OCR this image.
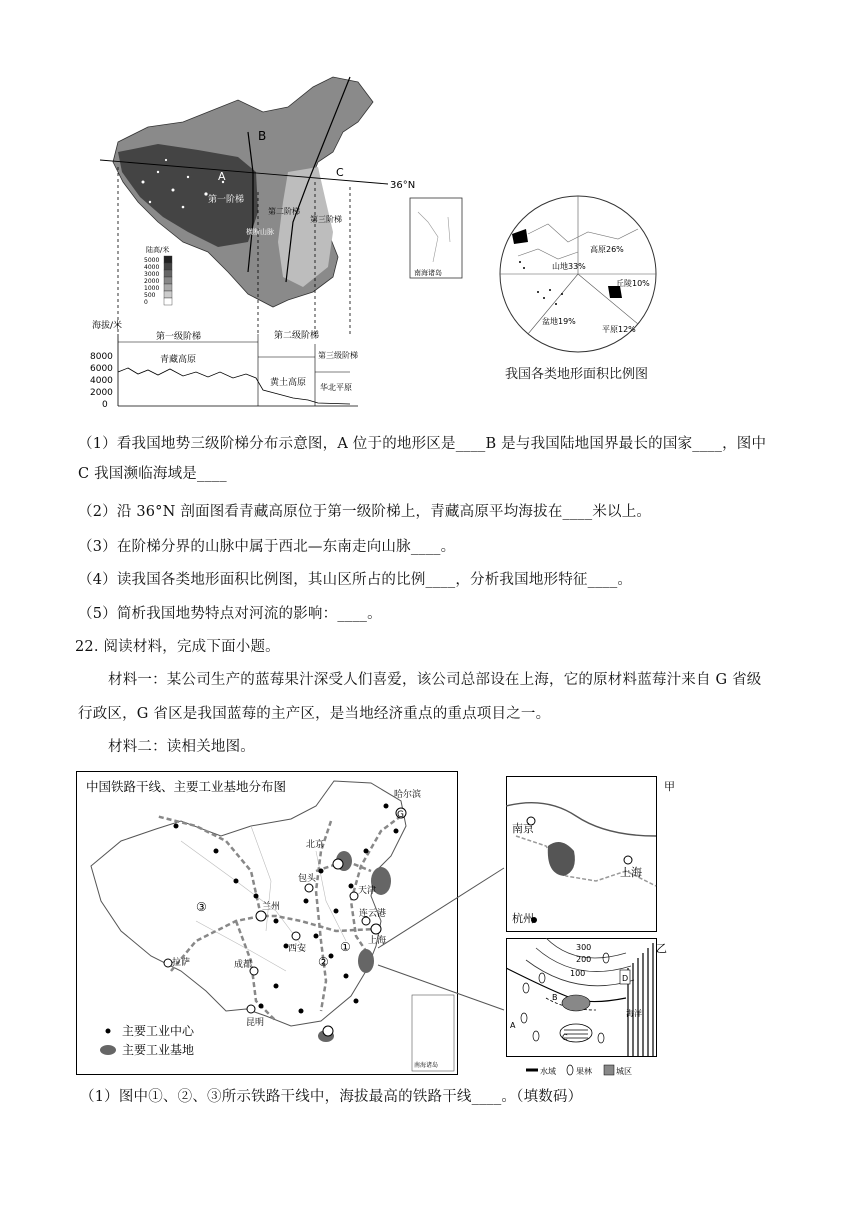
36°N
A
B
C
第一阶梯
第二阶梯
第三阶梯
横断山脉
陆高/米
5000
4000
3000
2000
1000
500
0
南海诸岛
海拔/米
8000
6000
4000
2000
0
第一级阶梯	第二级阶梯
第三级阶梯
青藏高原
黄土高原 华北平原
山地33%
高原26%
丘陵10%
盆地19%
平原12%
我国各类地形面积比例图
（1）看我国地势三级阶梯分布示意图，A 位于的地形区是____B 是与我国陆地国界最长的国家____，图中
C 我国濒临海域是____
（2）沿 36°N 剖面图看青藏高原位于第一级阶梯上，青藏高原平均海拔在____米以上。
（3）在阶梯分界的山脉中属于西北—东南走向山脉____。
（4）读我国各类地形面积比例图，其山区所占的比例____，分析我国地形特征____。
（5）简析我国地势特点对河流的影响：____。
22. 阅读材料，完成下面小题。
材料一：某公司生产的蓝莓果汁深受人们喜爱，该公司总部设在上海，它的原材料蓝莓汁来自 G 省级
行政区，G 省区是我国蓝莓的主产区，是当地经济重点的重点项目之一。
材料二：读相关地图。
中国铁路干线、主要工业基地分布图
哈尔滨
包头
北京
天津
兰州
连云港
西安
上海
成都
拉萨
昆明
③
②
①
G
主要工业中心
主要工业基地
南海诸岛
甲
南京
上海
杭州
乙
300
200
100
海洋
D
B
C
A
水域	果林	城区
（1）图中①、②、③所示铁路干线中，海拔最高的铁路干线____。（填数码）
